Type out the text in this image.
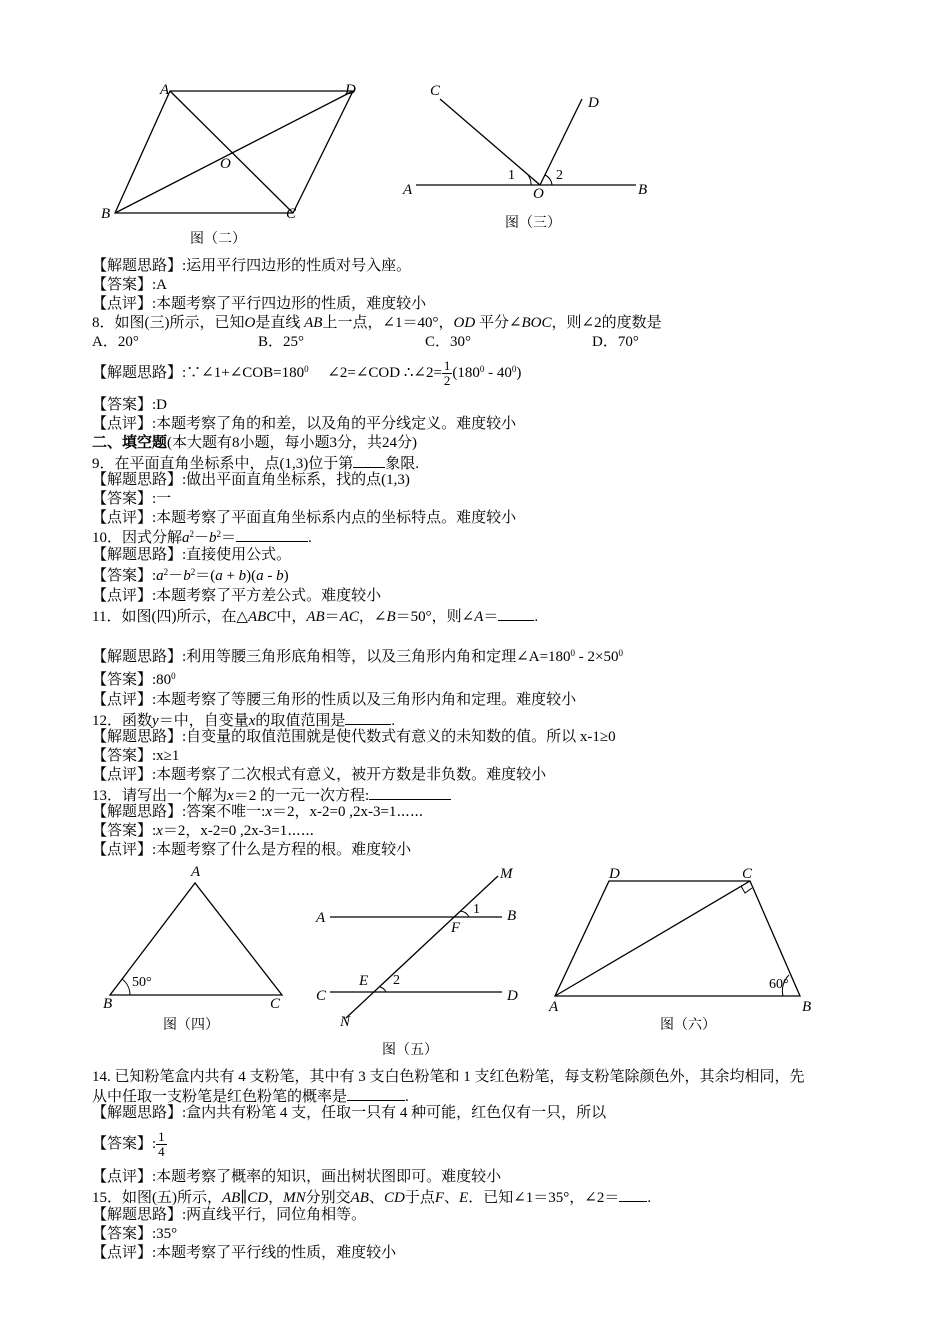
A	D
O
B	C
图（二）
C
D
1	2
A	O	B
图（三）
【解题思路】:运用平行四边形的性质对号入座。
【答案】:A
【点评】:本题考察了平行四边形的性质，难度较小
8．如图(三)所示，已知O是直线 AB上一点，∠1＝40°，OD 平分∠BOC，则∠2的度数是
A．20°	B．25°	C．30°	D．70°
【解题思路】$:\because\angle 1+\angle COB=180^0$ ∠2=∠COD ∴∠2= $\frac{1}{2} (180^0 - 40^0)$
【答案】:D
【点评】:本题考察了角的和差，以及角的平分线定义。难度较小
二、填空题(本大题有8小题，每小题3分，共24分)
9．在平面直角坐标系中，点(1,3)位于第 象限.
【解题思路】:做出平面直角坐标系，找的点(1,3)
【答案】:一
【点评】:本题考察了平面直角坐标系内点的坐标特点。难度较小
10．因式分解$a^2-b^2=$	.
【解题思路】:直接使用公式。
【答案】$:a^2-b^2=(a + b)(a - b)$
【点评】:本题考察了平方差公式。难度较小
11．如图(四)所示，在△ABC中，AB＝AC，∠B＝50°，则∠A＝ .
【解题思路】:利用等腰三角形底角相等，以及三角形内角和定理$\angle A=180^0 - 2\times 50^0$
【答案】$:80^0$
【点评】:本题考察了等腰三角形的性质以及三角形内角和定理。难度较小
12．函数y＝中，自变量x的取值范围是	.
【解题思路】:自变量的取值范围就是使代数式有意义的未知数的值。所以 x-1≥0
【答案】:x≥1
【点评】:本题考察了二次根式有意义，被开方数是非负数。难度较小
13．请写出一个解为x＝2 的一元一次方程:
【解题思路】:答案不唯一:x＝2，x-2=0 ,2x-3=1⋯⋯
【答案】:x＝2，x-2=0 ,2x-3=1⋯⋯
【点评】:本题考察了什么是方程的根。难度较小
A
50°
B	C
图（四）
M
1
A	B
F
E 2
C	D
N
图（五）
D	C
60°
A	B
图（六）
14. 已知粉笔盒内共有 4 支粉笔，其中有 3 支白色粉笔和 1 支红色粉笔，每支粉笔除颜色外，其余均相同，先
从中任取一支粉笔是红色粉笔的概率是	.
【解题思路】:盒内共有粉笔 4 支，任取一只有 4 种可能，红色仅有一只，所以
【答案】: $\frac{1}{4}$
【点评】:本题考察了概率的知识，画出树状图即可。难度较小
15．如图(五)所示，AB∥CD，MN分别交AB、CD于点F、E．已知∠1＝35°，∠2＝ .
【解题思路】:两直线平行，同位角相等。
【答案】:35°
【点评】:本题考察了平行线的性质，难度较小
